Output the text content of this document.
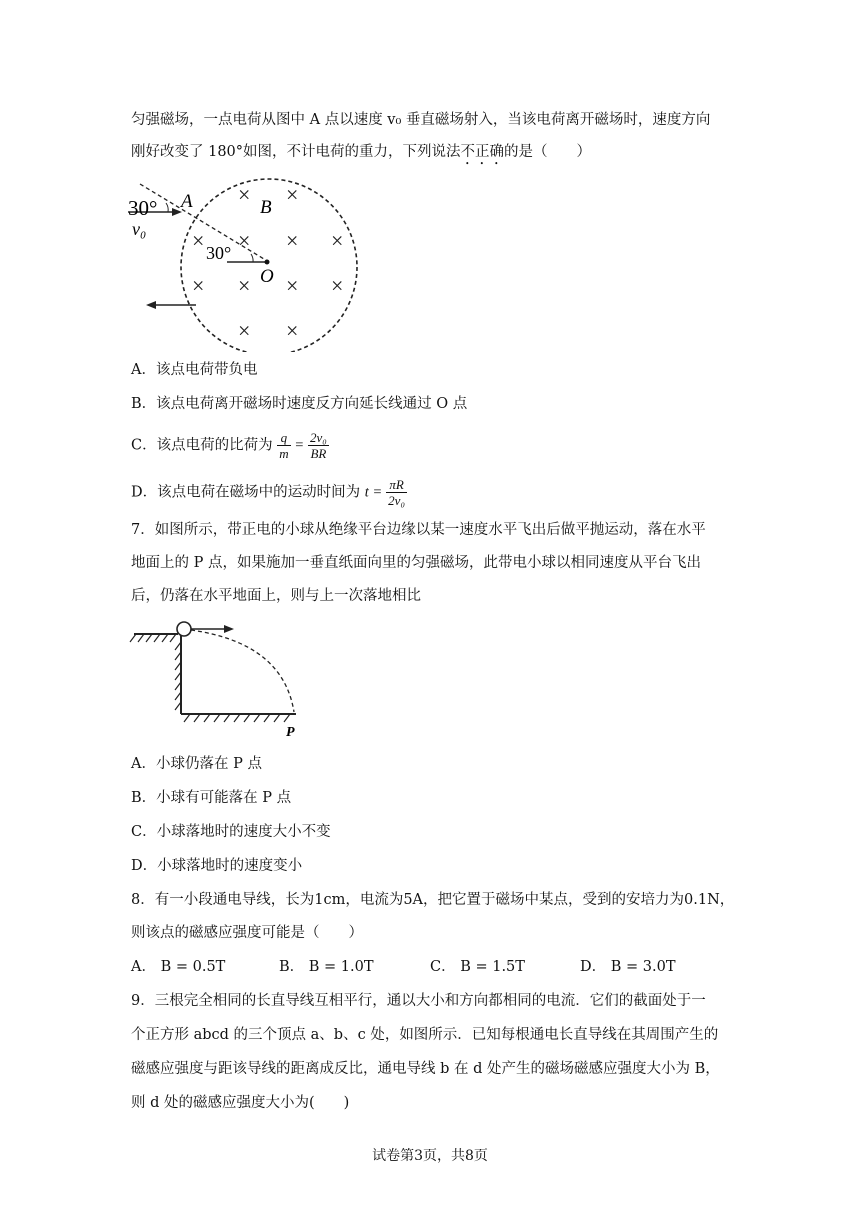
匀强磁场，一点电荷从图中 A 点以速度 v₀ 垂直磁场射入，当该电荷离开磁场时，速度方向
刚好改变了 180°如图，不计电荷的重力，下列说法不正确的是（　　）
30°
v₀
A	B
30°
O
× ×
× × × ×
× × × ×
× ×
A．该点电荷带负电
B．该点电荷离开磁场时速度反方向延长线通过 O 点
C．该点电荷的比荷为 $\frac{q}{m} = \frac{\text{2v₀}}{BR}$
D．该点电荷在磁场中的运动时间为 $t = \frac{\pi R}{\text{2v₀}}$
7．如图所示，带正电的小球从绝缘平台边缘以某一速度水平飞出后做平抛运动，落在水平
地面上的 P 点，如果施加一垂直纸面向里的匀强磁场，此带电小球以相同速度从平台飞出
后，仍落在水平地面上，则与上一次落地相比
P
A．小球仍落在 P 点
B．小球有可能落在 P 点
C．小球落地时的速度大小不变
D．小球落地时的速度变小
8．有一小段通电导线，长为1cm，电流为5A，把它置于磁场中某点，受到的安培力为0.1N，
则该点的磁感应强度可能是（　　）
A． B = 0.5T	B． B = 1.0T	C． B = 1.5T	D． B = 3.0T
9．三根完全相同的长直导线互相平行，通以大小和方向都相同的电流．它们的截面处于一
个正方形 abcd 的三个顶点 a、b、c 处，如图所示．已知每根通电长直导线在其周围产生的
磁感应强度与距该导线的距离成反比，通电导线 b 在 d 处产生的磁场磁感应强度大小为 B，
则 d 处的磁感应强度大小为(　　)
试卷第3页，共8页
